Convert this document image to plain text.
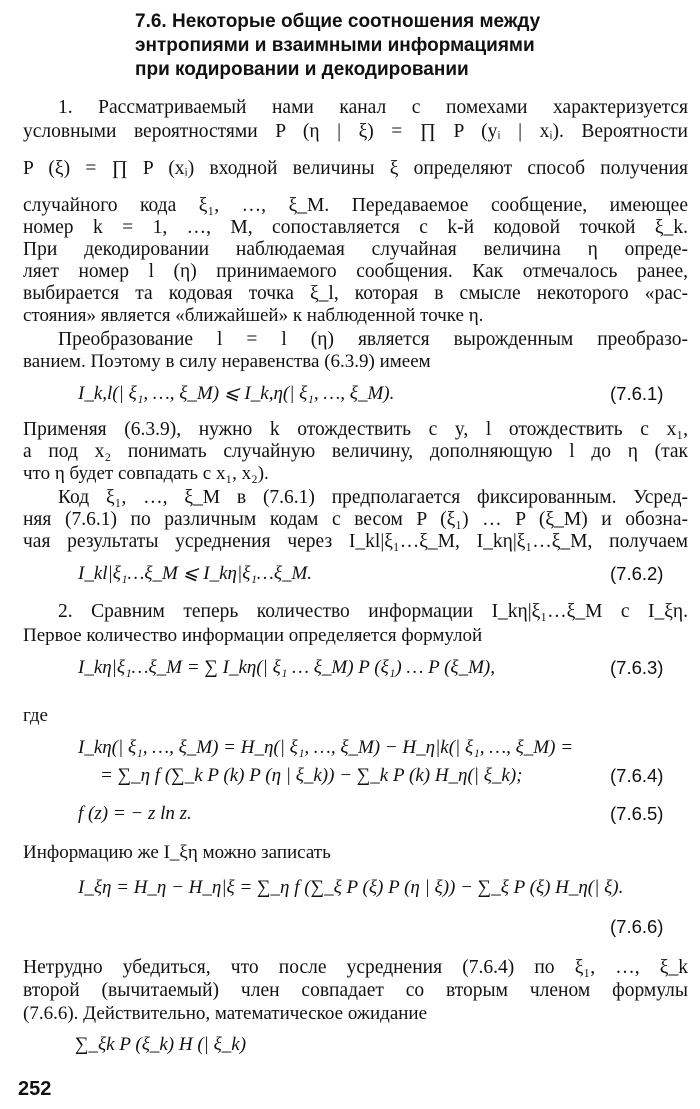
7.6. Некоторые общие соотношения между
энтропиями и взаимными информациями
при кодировании и декодировании
1. Рассматриваемый нами канал с помехами характеризуется
условными вероятностями P (η | ξ) = ∏ P (yᵢ | xᵢ). Вероятности
P (ξ) = ∏ P (xᵢ) входной величины ξ определяют способ получения
случайного кода ξ₁, …, ξ_M. Передаваемое сообщение, имеющее
номер k = 1, …, M, сопоставляется с k-й кодовой точкой ξ_k.
При декодировании наблюдаемая случайная величина η опреде-
ляет номер l (η) принимаемого сообщения. Как отмечалось ранее,
выбирается та кодовая точка ξ_l, которая в смысле некоторого «рас-
стояния» является «ближайшей» к наблюденной точке η.
Преобразование l = l (η) является вырожденным преобразо-
ванием. Поэтому в силу неравенства (6.3.9) имеем
I_k,l(| ξ₁, …, ξ_M) ⩽ I_k,η(| ξ₁, …, ξ_M).	(7.6.1)
Применяя (6.3.9), нужно k отождествить с y, l отождествить с x₁,
а под x₂ понимать случайную величину, дополняющую l до η (так
что η будет совпадать с x₁, x₂).
Код ξ₁, …, ξ_M в (7.6.1) предполагается фиксированным. Усред-
няя (7.6.1) по различным кодам с весом P (ξ₁) … P (ξ_M) и обозна-
чая результаты усреднения через I_kl|ξ₁…ξ_M, I_kη|ξ₁…ξ_M, получаем
I_kl|ξ₁…ξ_M ⩽ I_kη|ξ₁…ξ_M.	(7.6.2)
2. Сравним теперь количество информации I_kη|ξ₁…ξ_M с I_ξη.
Первое количество информации определяется формулой
I_kη|ξ₁…ξ_M = ∑ I_kη(| ξ₁ … ξ_M) P (ξ₁) … P (ξ_M),	(7.6.3)
где
I_kη(| ξ₁, …, ξ_M) = H_η(| ξ₁, …, ξ_M) − H_η|k(| ξ₁, …, ξ_M) =
= ∑_η f (∑_k P (k) P (η | ξ_k)) − ∑_k P (k) H_η(| ξ_k);	(7.6.4)
f (z) = − z ln z.	(7.6.5)
Информацию же I_ξη можно записать
I_ξη = H_η − H_η|ξ = ∑_η f (∑_ξ P (ξ) P (η | ξ)) − ∑_ξ P (ξ) H_η(| ξ).
(7.6.6)
Нетрудно убедиться, что после усреднения (7.6.4) по ξ₁, …, ξ_k
второй (вычитаемый) член совпадает со вторым членом формулы
(7.6.6). Действительно, математическое ожидание
∑_ξk P (ξ_k) H (| ξ_k)
252
